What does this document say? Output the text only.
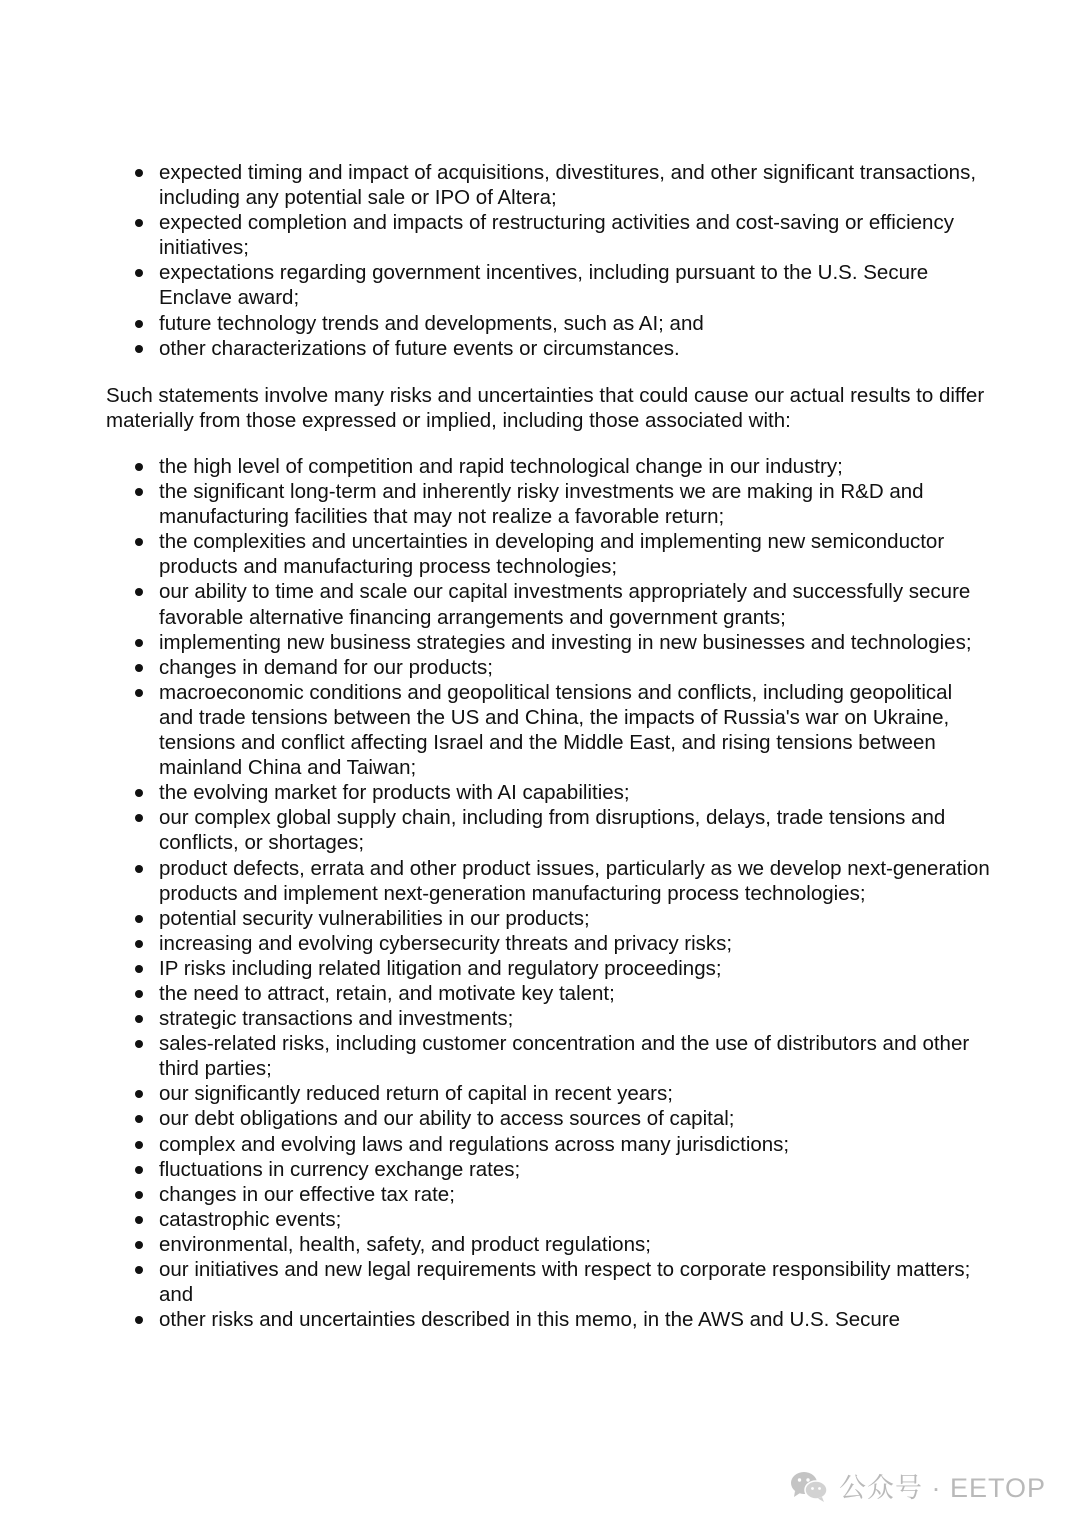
expected timing and impact of acquisitions, divestitures, and other significant transactions, including any potential sale or IPO of Altera;
expected completion and impacts of restructuring activities and cost-saving or efficiency initiatives;
expectations regarding government incentives, including pursuant to the U.S. Secure Enclave award;
future technology trends and developments, such as AI; and
other characterizations of future events or circumstances.

Such statements involve many risks and uncertainties that could cause our actual results to differ materially from those expressed or implied, including those associated with:

the high level of competition and rapid technological change in our industry;
the significant long-term and inherently risky investments we are making in R&D and manufacturing facilities that may not realize a favorable return;
the complexities and uncertainties in developing and implementing new semiconductor products and manufacturing process technologies;
our ability to time and scale our capital investments appropriately and successfully secure favorable alternative financing arrangements and government grants;
implementing new business strategies and investing in new businesses and technologies;
changes in demand for our products;
macroeconomic conditions and geopolitical tensions and conflicts, including geopolitical and trade tensions between the US and China, the impacts of Russia's war on Ukraine, tensions and conflict affecting Israel and the Middle East, and rising tensions between mainland China and Taiwan;
the evolving market for products with AI capabilities;
our complex global supply chain, including from disruptions, delays, trade tensions and conflicts, or shortages;
product defects, errata and other product issues, particularly as we develop next-generation products and implement next-generation manufacturing process technologies;
potential security vulnerabilities in our products;
increasing and evolving cybersecurity threats and privacy risks;
IP risks including related litigation and regulatory proceedings;
the need to attract, retain, and motivate key talent;
strategic transactions and investments;
sales-related risks, including customer concentration and the use of distributors and other third parties;
our significantly reduced return of capital in recent years;
our debt obligations and our ability to access sources of capital;
complex and evolving laws and regulations across many jurisdictions;
fluctuations in currency exchange rates;
changes in our effective tax rate;
catastrophic events;
environmental, health, safety, and product regulations;
our initiatives and new legal requirements with respect to corporate responsibility matters; and
other risks and uncertainties described in this memo, in the AWS and U.S. Secure
公众号 · EETOP
